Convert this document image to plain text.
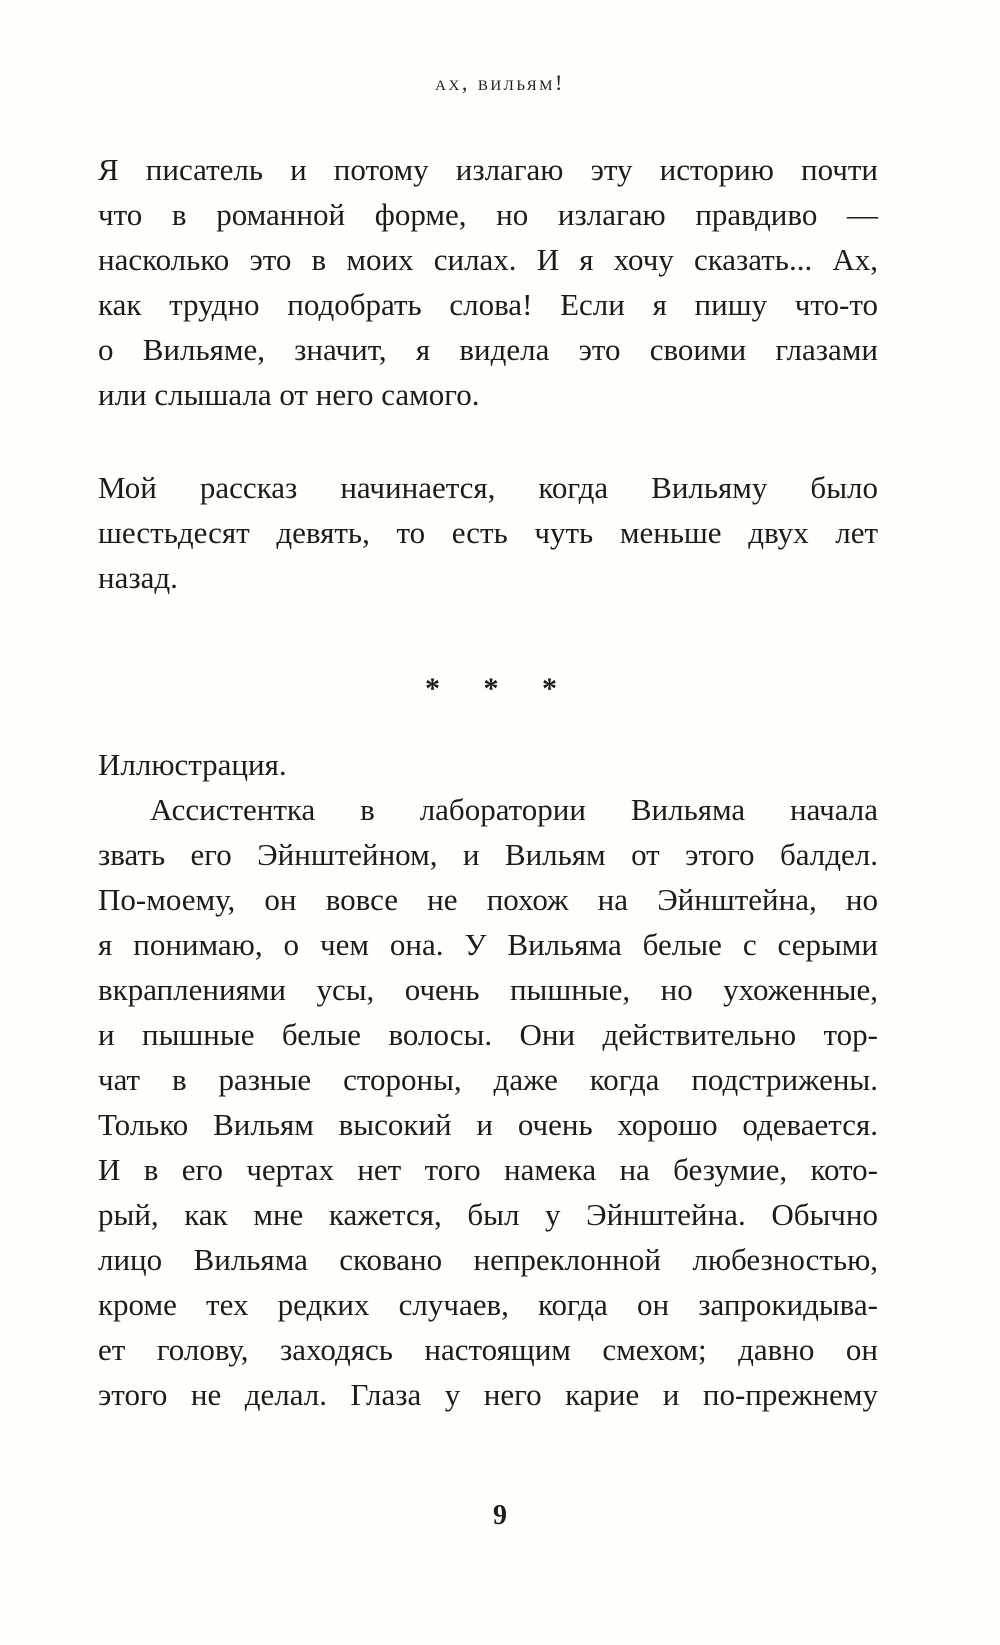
ах, вильям!
Я писатель и потому излагаю эту историю почти
что в романной форме, но излагаю правдиво —
насколько это в моих силах. И я хочу сказать... Ах,
как трудно подобрать слова! Если я пишу что-то
о Вильяме, значит, я видела это своими глазами
или слышала от него самого.
Мой рассказ начинается, когда Вильяму было
шестьдесят девять, то есть чуть меньше двух лет
назад.
* * *
Иллюстрация.
Ассистентка в лаборатории Вильяма начала
звать его Эйнштейном, и Вильям от этого балдел.
По-моему, он вовсе не похож на Эйнштейна, но
я понимаю, о чем она. У Вильяма белые с серыми
вкраплениями усы, очень пышные, но ухоженные,
и пышные белые волосы. Они действительно тор-
чат в разные стороны, даже когда подстрижены.
Только Вильям высокий и очень хорошо одевается.
И в его чертах нет того намека на безумие, кото-
рый, как мне кажется, был у Эйнштейна. Обычно
лицо Вильяма сковано непреклонной любезностью,
кроме тех редких случаев, когда он запрокидыва-
ет голову, заходясь настоящим смехом; давно он
этого не делал. Глаза у него карие и по-прежнему
9
